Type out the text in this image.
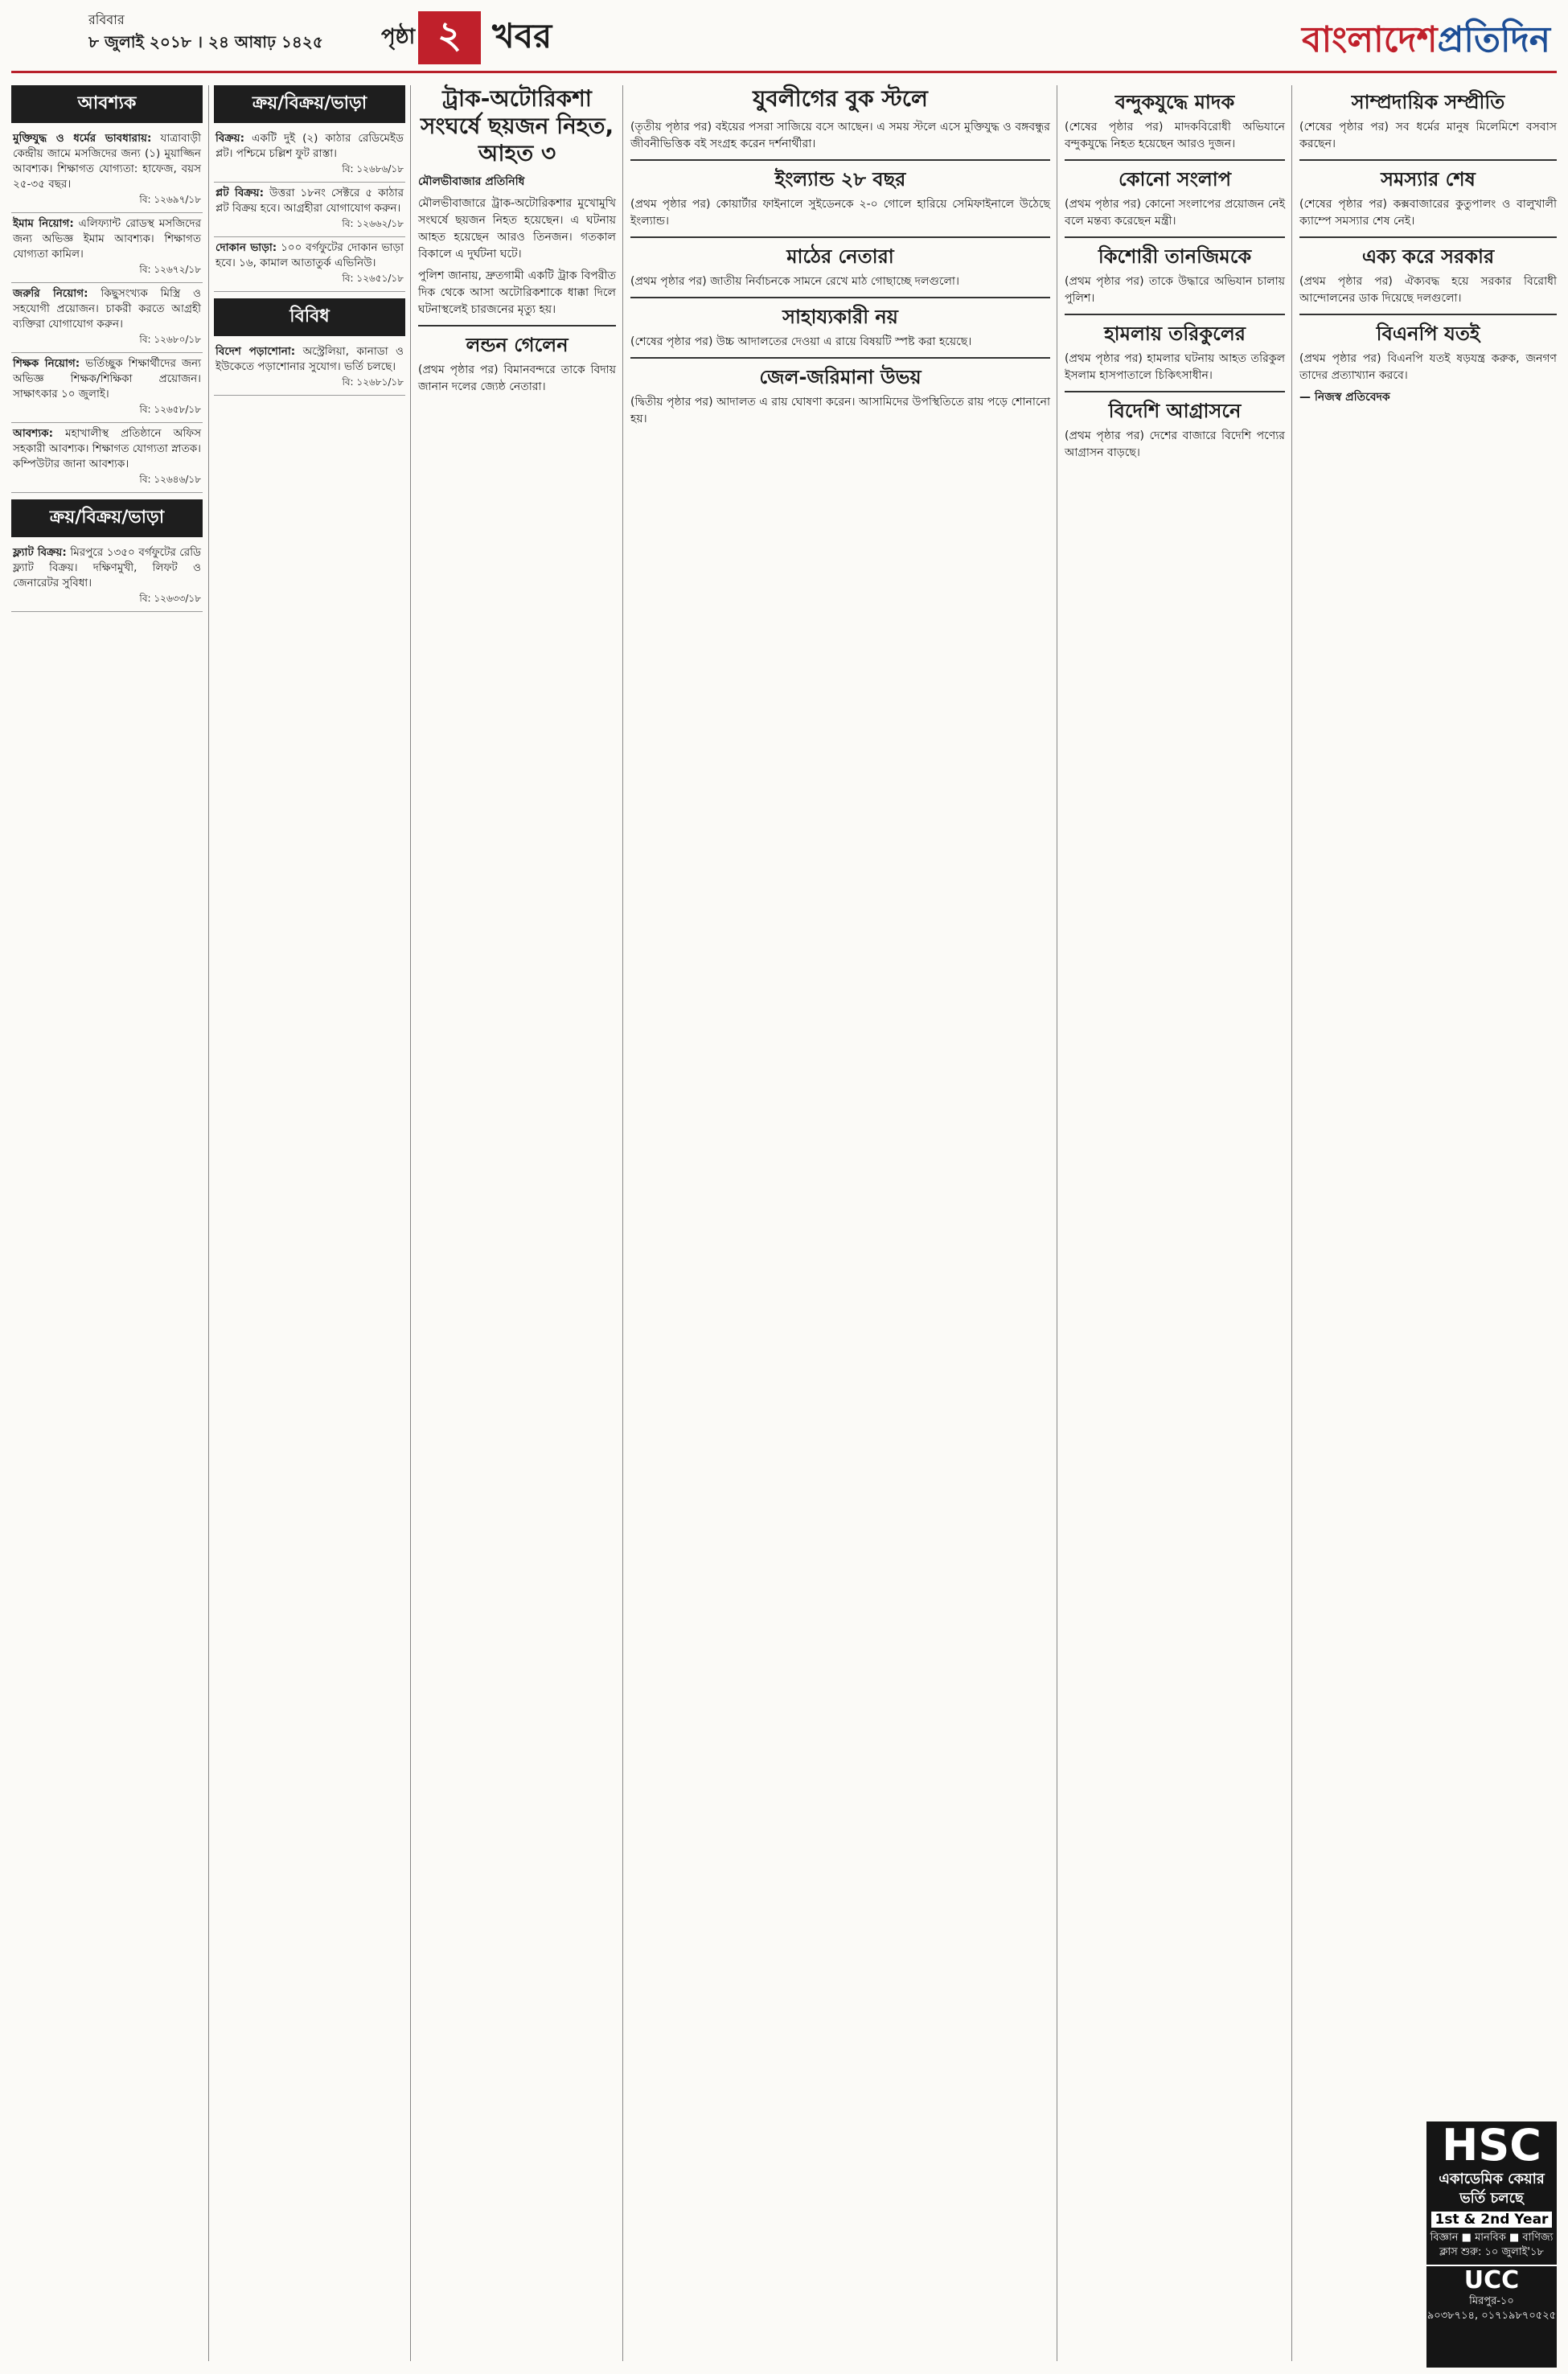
রবিবার
৮ জুলাই ২০১৮ । ২৪ আষাঢ় ১৪২৫	পৃষ্ঠা ২ খবর	বাংলাদেশপ্রতিদিন
আবশ্যক
মুক্তিযুদ্ধ ও ধর্মের ভাবধারায়: যাত্রাবাড়ী কেন্দ্রীয় জামে মসজিদের জন্য (১) মুয়াজ্জিন আবশ্যক। শিক্ষাগত যোগ্যতা: হাফেজ, বয়স ২৫-৩৫ বছর।
বি: ১২৬৯৭/১৮
ইমাম নিয়োগ: এলিফ্যান্ট রোডস্থ মসজিদের জন্য অভিজ্ঞ ইমাম আবশ্যক। শিক্ষাগত যোগ্যতা কামিল।
বি: ১২৬৭২/১৮
জরুরি নিয়োগ: কিছুসংখ্যক মিস্ত্রি ও সহযোগী প্রয়োজন। চাকরী করতে আগ্রহী ব্যক্তিরা যোগাযোগ করুন।
বি: ১২৬৮০/১৮
শিক্ষক নিয়োগ: ভর্তিচ্ছুক শিক্ষার্থীদের জন্য অভিজ্ঞ শিক্ষক/শিক্ষিকা প্রয়োজন। সাক্ষাৎকার ১০ জুলাই।
বি: ১২৬৫৮/১৮
আবশ্যক: মহাখালীস্থ প্রতিষ্ঠানে অফিস সহকারী আবশ্যক। শিক্ষাগত যোগ্যতা স্নাতক। কম্পিউটার জানা আবশ্যক।
বি: ১২৬৪৬/১৮
ক্রয়/বিক্রয়/ভাড়া
ফ্ল্যাট বিক্রয়: মিরপুরে ১৩৫০ বর্গফুটের রেডি ফ্ল্যাট বিক্রয়। দক্ষিণমুখী, লিফট ও জেনারেটর সুবিধা।
বি: ১২৬৩৩/১৮
ক্রয়/বিক্রয়/ভাড়া
বিক্রয়: একটি দুই (২) কাঠার রেডিমেইড প্লট। পশ্চিমে চল্লিশ ফুট রাস্তা।
বি: ১২৬৮৬/১৮
প্লট বিক্রয়: উত্তরা ১৮নং সেক্টরে ৫ কাঠার প্লট বিক্রয় হবে। আগ্রহীরা যোগাযোগ করুন।
বি: ১২৬৬২/১৮
দোকান ভাড়া: ১০০ বর্গফুটের দোকান ভাড়া হবে। ১৬, কামাল আতাতুর্ক এভিনিউ।
বি: ১২৬৫১/১৮
বিবিধ
বিদেশ পড়াশোনা: অস্ট্রেলিয়া, কানাডা ও ইউকেতে পড়াশোনার সুযোগ। ভর্তি চলছে।
বি: ১২৬৮১/১৮
ট্রাক-অটোরিকশা সংঘর্ষে ছয়জন নিহত, আহত ৩

মৌলভীবাজার প্রতিনিধি

মৌলভীবাজারে ট্রাক-অটোরিকশার মুখোমুখি সংঘর্ষে ছয়জন নিহত হয়েছেন। এ ঘটনায় আহত হয়েছেন আরও তিনজন। গতকাল বিকালে এ দুর্ঘটনা ঘটে।

পুলিশ জানায়, দ্রুতগামী একটি ট্রাক বিপরীত দিক থেকে আসা অটোরিকশাকে ধাক্কা দিলে ঘটনাস্থলেই চারজনের মৃত্যু হয়।

লন্ডন গেলেন

(প্রথম পৃষ্ঠার পর) বিমানবন্দরে তাকে বিদায় জানান দলের জ্যেষ্ঠ নেতারা।

যুবলীগের বুক স্টলে

(তৃতীয় পৃষ্ঠার পর) বইয়ের পসরা সাজিয়ে বসে আছেন। এ সময় স্টলে এসে মুক্তিযুদ্ধ ও বঙ্গবন্ধুর জীবনীভিত্তিক বই সংগ্রহ করেন দর্শনার্থীরা।

ইংল্যান্ড ২৮ বছর

(প্রথম পৃষ্ঠার পর) কোয়ার্টার ফাইনালে সুইডেনকে ২-০ গোলে হারিয়ে সেমিফাইনালে উঠেছে ইংল্যান্ড।

মাঠের নেতারা

(প্রথম পৃষ্ঠার পর) জাতীয় নির্বাচনকে সামনে রেখে মাঠ গোছাচ্ছে দলগুলো।

সাহায্যকারী নয়

(শেষের পৃষ্ঠার পর) উচ্চ আদালতের দেওয়া এ রায়ে বিষয়টি স্পষ্ট করা হয়েছে।

জেল-জরিমানা উভয়

(দ্বিতীয় পৃষ্ঠার পর) আদালত এ রায় ঘোষণা করেন। আসামিদের উপস্থিতিতে রায় পড়ে শোনানো হয়।

বন্দুকযুদ্ধে মাদক

(শেষের পৃষ্ঠার পর) মাদকবিরোধী অভিযানে বন্দুকযুদ্ধে নিহত হয়েছেন আরও দুজন।

কোনো সংলাপ

(প্রথম পৃষ্ঠার পর) কোনো সংলাপের প্রয়োজন নেই বলে মন্তব্য করেছেন মন্ত্রী।

কিশোরী তানজিমকে

(প্রথম পৃষ্ঠার পর) তাকে উদ্ধারে অভিযান চালায় পুলিশ।

হামলায় তরিকুলের

(প্রথম পৃষ্ঠার পর) হামলার ঘটনায় আহত তরিকুল ইসলাম হাসপাতালে চিকিৎসাধীন।

বিদেশি আগ্রাসনে

(প্রথম পৃষ্ঠার পর) দেশের বাজারে বিদেশি পণ্যের আগ্রাসন বাড়ছে।

সাম্প্রদায়িক সম্প্রীতি

(শেষের পৃষ্ঠার পর) সব ধর্মের মানুষ মিলেমিশে বসবাস করছেন।

সমস্যার শেষ

(শেষের পৃষ্ঠার পর) কক্সবাজারের কুতুপালং ও বালুখালী ক্যাম্পে সমস্যার শেষ নেই।

এক্য করে সরকার

(প্রথম পৃষ্ঠার পর) ঐক্যবদ্ধ হয়ে সরকার বিরোধী আন্দোলনের ডাক দিয়েছে দলগুলো।

বিএনপি যতই

(প্রথম পৃষ্ঠার পর) বিএনপি যতই ষড়যন্ত্র করুক, জনগণ তাদের প্রত্যাখ্যান করবে।

— নিজস্ব প্রতিবেদক

HSC
একাডেমিক কেয়ার
ভর্তি চলছে
1st & 2nd Year
বিজ্ঞান ■ মানবিক ■ বাণিজ্য
ক্লাস শুরু: ১০ জুলাই'১৮
UCC
মিরপুর-১০
৯০৩৮৭১৪, ০১৭১৯৮৭০৫২৫
